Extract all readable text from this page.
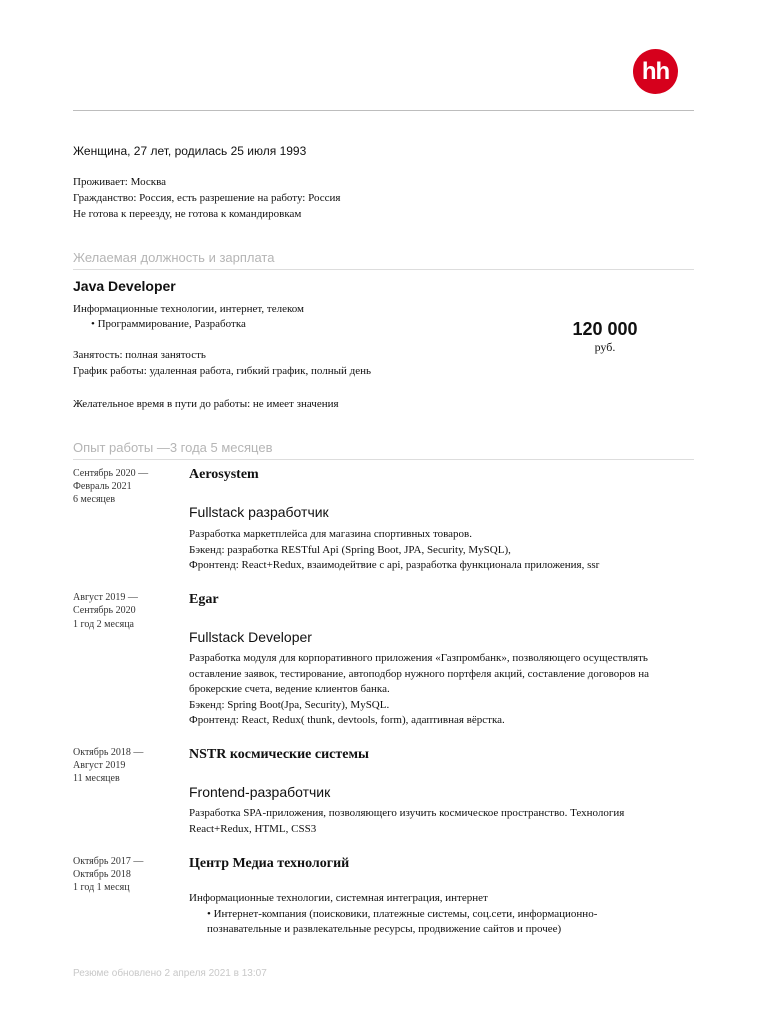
hh
Женщина, 27 лет, родилась 25 июля 1993
Проживает: Москва
Гражданство: Россия, есть разрешение на работу: Россия
Не готова к переезду, не готова к командировкам
Желаемая должность и зарплата
Java Developer
Информационные технологии, интернет, телеком
• Программирование, Разработка	120 000
руб.
Занятость: полная занятость
График работы: удаленная работа, гибкий график, полный день
Желательное время в пути до работы: не имеет значения
Опыт работы —3 года 5 месяцев
Сентябрь 2020 —
Февраль 2021
6 месяцев
Aerosystem
Fullstack разработчик
Разработка маркетплейса для магазина спортивных товаров.
Бэкенд: разработка RESTful Api (Spring Boot, JPA, Security, MySQL),
Фронтенд: React+Redux, взаимодейтвие с api, разработка функционала приложения, ssr
Август 2019 —
Сентябрь 2020
1 год 2 месяца
Egar
Fullstack Developer
Разработка модуля для корпоративного приложения «Газпромбанк», позволяющего осуществлять
оставление заявок, тестирование, автоподбор нужного портфеля акций, составление договоров на
брокерские счета, ведение клиентов банка.
Бэкенд: Spring Boot(Jpa, Security), MySQL.
Фронтенд: React, Redux( thunk, devtools, form), адаптивная вёрстка.
Октябрь 2018 —
Август 2019
11 месяцев
NSTR космические системы
Frontend-разработчик
Разработка SPA-приложения, позволяющего изучить космическое пространство. Технология
React+Redux, HTML, CSS3
Октябрь 2017 —
Октябрь 2018
1 год 1 месяц
Центр Медиа технологий
Информационные технологии, системная интеграция, интернет
• Интернет-компания (поисковики, платежные системы, соц.сети, информационно-
познавательные и развлекательные ресурсы, продвижение сайтов и прочее)
Резюме обновлено 2 апреля 2021 в 13:07
